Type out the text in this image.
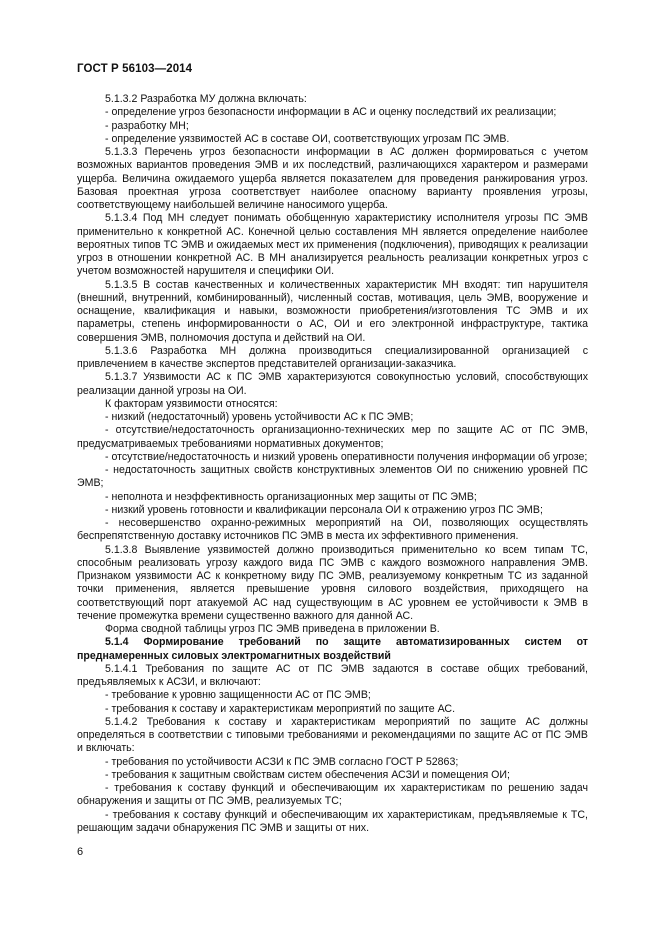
ГОСТ Р 56103—2014

5.1.3.2 Разработка МУ должна включать:

- определение угроз безопасности информации в АС и оценку последствий их реализации;

- разработку МН;

- определение уязвимостей АС в составе ОИ, соответствующих угрозам ПС ЭМВ.

5.1.3.3 Перечень угроз безопасности информации в АС должен формироваться с учетом возможных вариантов проведения ЭМВ и их последствий, различающихся характером и размерами ущерба. Величина ожидаемого ущерба является показателем для проведения ранжирования угроз. Базовая проектная угроза соответствует наиболее опасному варианту проявления угрозы, соответствующему наибольшей величине наносимого ущерба.

5.1.3.4 Под МН следует понимать обобщенную характеристику исполнителя угрозы ПС ЭМВ применительно к конкретной АС. Конечной целью составления МН является определение наиболее вероятных типов ТС ЭМВ и ожидаемых мест их применения (подключения), приводящих к реализации угроз в отношении конкретной АС. В МН анализируется реальность реализации конкретных угроз с учетом возможностей нарушителя и специфики ОИ.

5.1.3.5 В состав качественных и количественных характеристик МН входят: тип нарушителя (внешний, внутренний, комбинированный), численный состав, мотивация, цель ЭМВ, вооружение и оснащение, квалификация и навыки, возможности приобретения/изготовления ТС ЭМВ и их параметры, степень информированности о АС, ОИ и его электронной инфраструктуре, тактика совершения ЭМВ, полномочия доступа и действий на ОИ.

5.1.3.6 Разработка МН должна производиться специализированной организацией с привлечением в качестве экспертов представителей организации-заказчика.

5.1.3.7 Уязвимости АС к ПС ЭМВ характеризуются совокупностью условий, способствующих реализации данной угрозы на ОИ.

К факторам уязвимости относятся:

- низкий (недостаточный) уровень устойчивости АС к ПС ЭМВ;

- отсутствие/недостаточность организационно-технических мер по защите АС от ПС ЭМВ, предусматриваемых требованиями нормативных документов;

- отсутствие/недостаточность и низкий уровень оперативности получения информации об угрозе;

- недостаточность защитных свойств конструктивных элементов ОИ по снижению уровней ПС ЭМВ;

- неполнота и неэффективность организационных мер защиты от ПС ЭМВ;

- низкий уровень готовности и квалификации персонала ОИ к отражению угроз ПС ЭМВ;

- несовершенство охранно-режимных мероприятий на ОИ, позволяющих осуществлять беспрепятственную доставку источников ПС ЭМВ в места их эффективного применения.

5.1.3.8 Выявление уязвимостей должно производиться применительно ко всем типам ТС, способным реализовать угрозу каждого вида ПС ЭМВ с каждого возможного направления ЭМВ. Признаком уязвимости АС к конкретному виду ПС ЭМВ, реализуемому конкретным ТС из заданной точки применения, является превышение уровня силового воздействия, приходящего на соответствующий порт атакуемой АС над существующим в АС уровнем ее устойчивости к ЭМВ в течение промежутка времени существенно важного для данной АС.

Форма сводной таблицы угроз ПС ЭМВ приведена в приложении В.

5.1.4 Формирование требований по защите автоматизированных систем от преднамеренных силовых электромагнитных воздействий

5.1.4.1 Требования по защите АС от ПС ЭМВ задаются в составе общих требований, предъявляемых к АСЗИ, и включают:

- требование к уровню защищенности АС от ПС ЭМВ;

- требования к составу и характеристикам мероприятий по защите АС.

5.1.4.2 Требования к составу и характеристикам мероприятий по защите АС должны определяться в соответствии с типовыми требованиями и рекомендациями по защите АС от ПС ЭМВ и включать:

- требования по устойчивости АСЗИ к ПС ЭМВ согласно ГОСТ Р 52863;

- требования к защитным свойствам систем обеспечения АСЗИ и помещения ОИ;

- требования к составу функций и обеспечивающим их характеристикам по решению задач обнаружения и защиты от ПС ЭМВ, реализуемых ТС;

- требования к составу функций и обеспечивающим их характеристикам, предъявляемые к ТС, решающим задачи обнаружения ПС ЭМВ и защиты от них.

6
